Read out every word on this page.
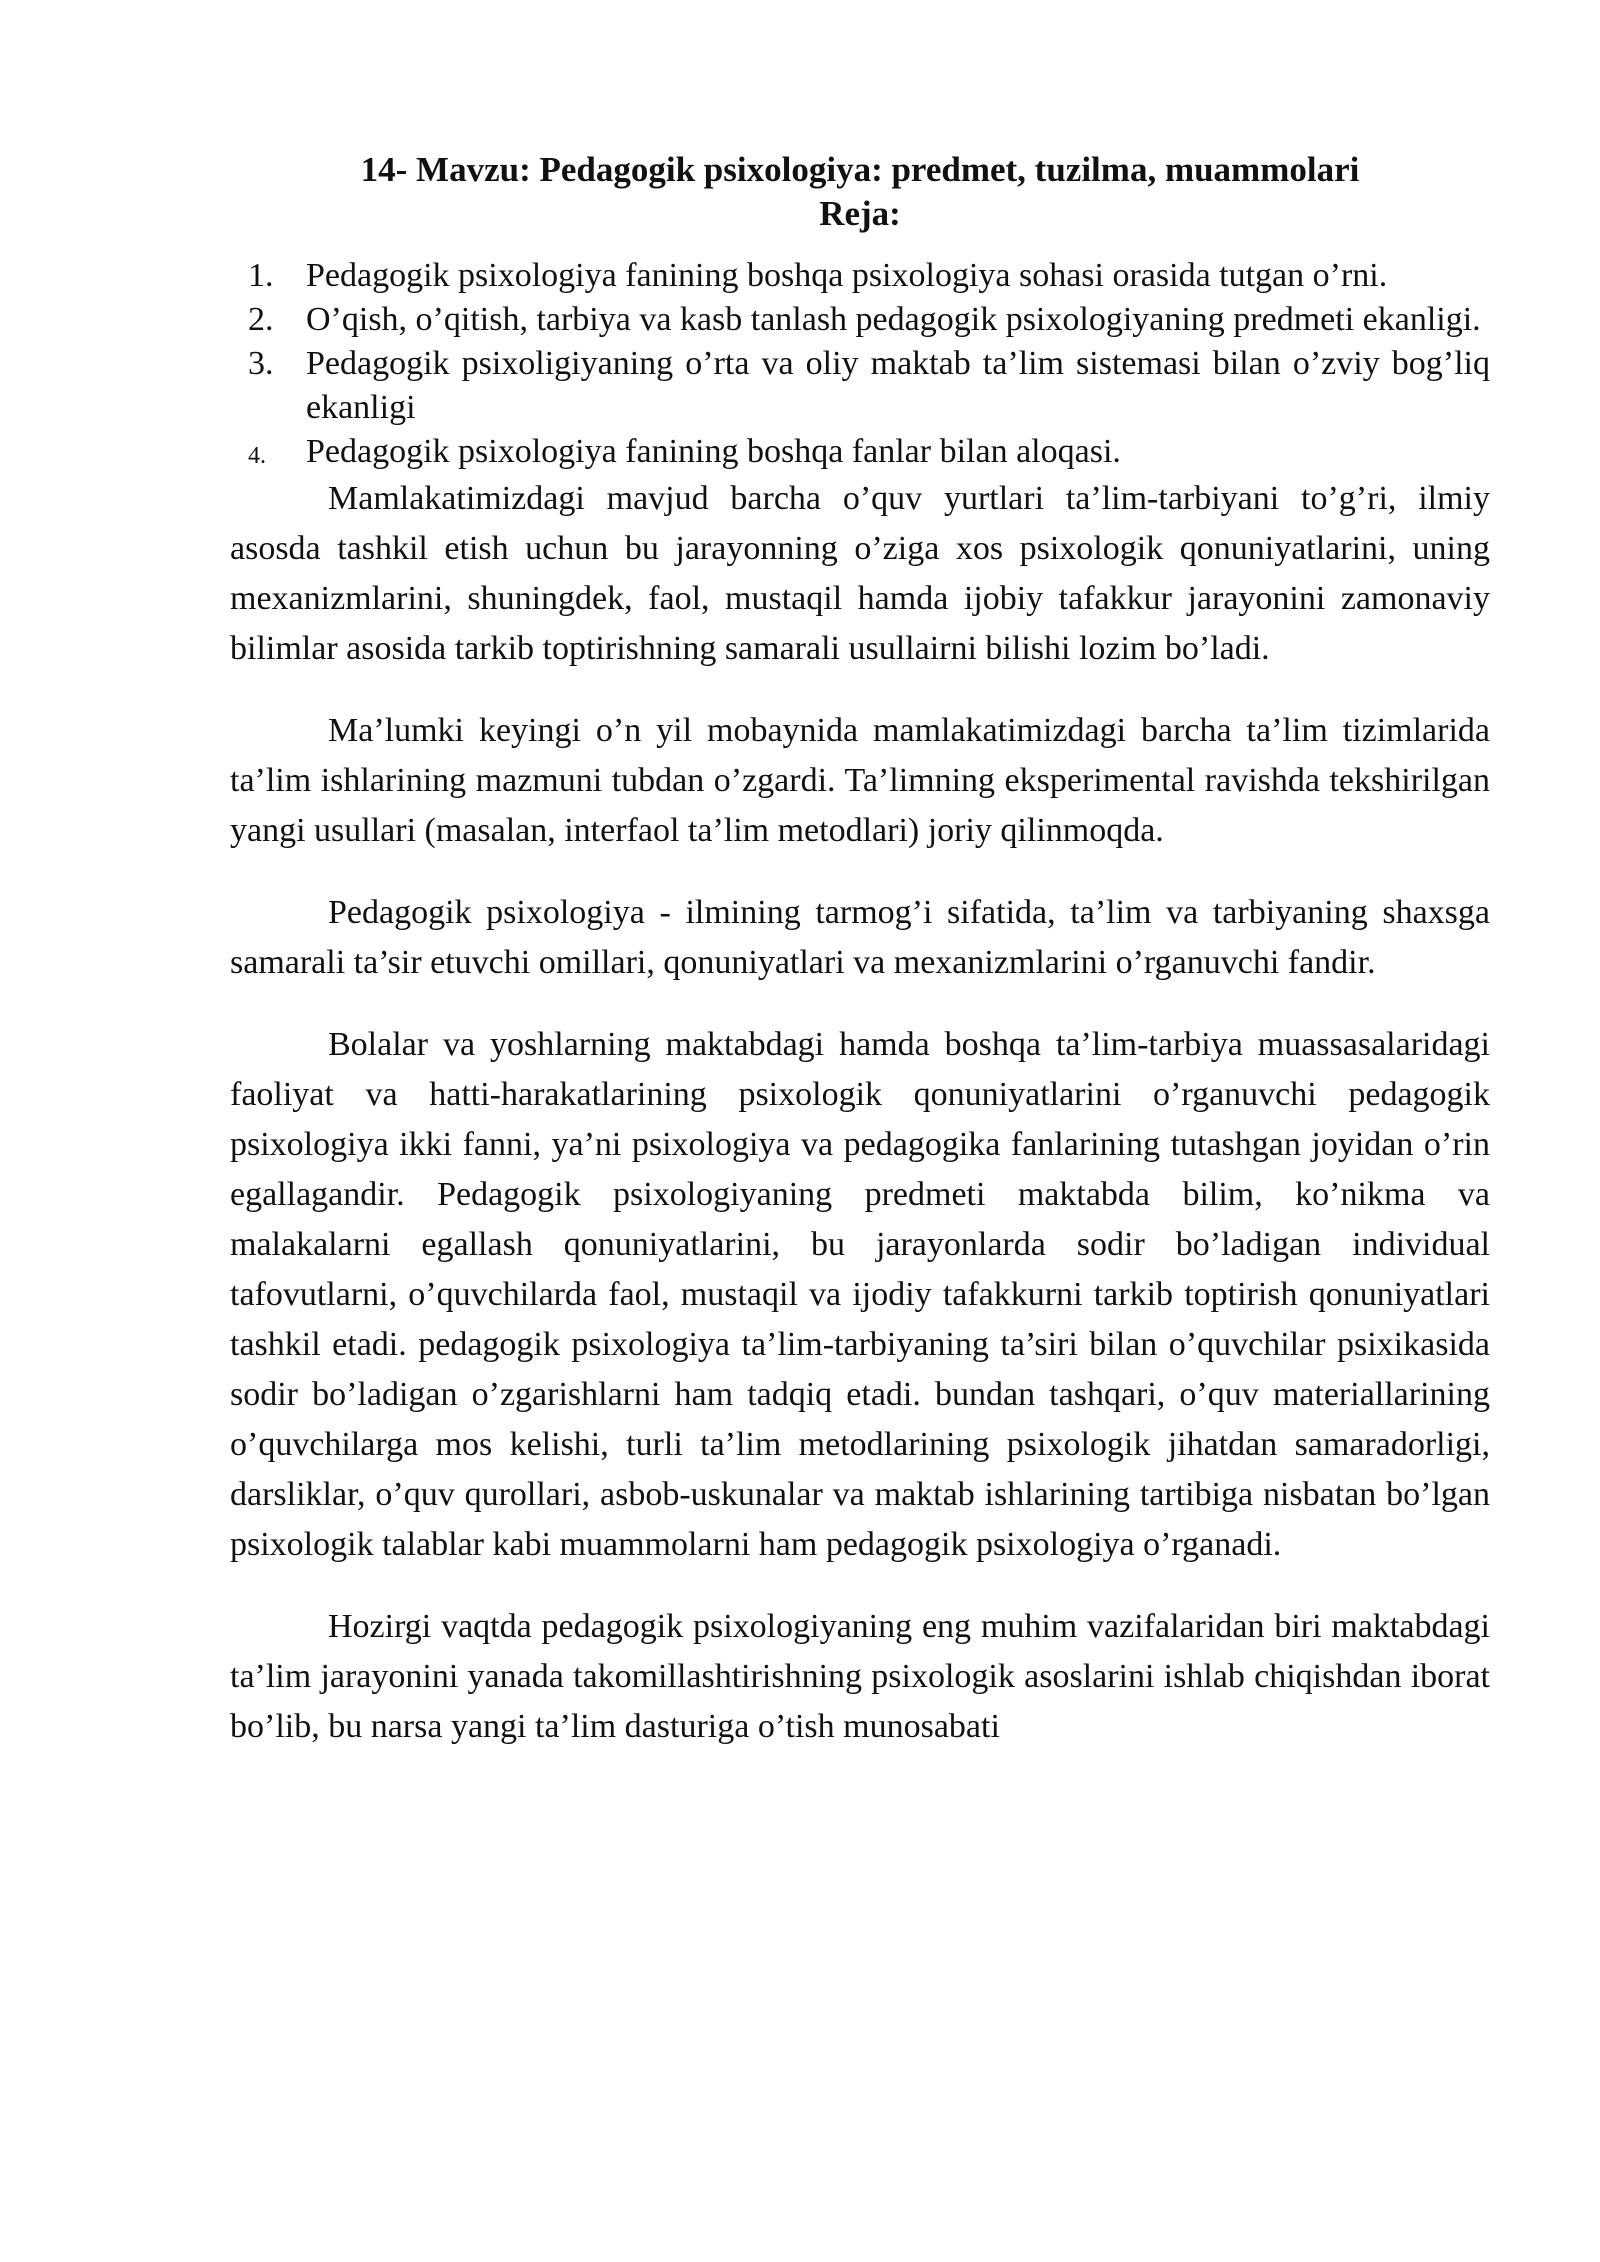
14- Mavzu: Pedagogik psixologiya: predmet, tuzilma, muammolari
Reja:
1. Pedagogik psixologiya fanining boshqa psixologiya sohasi orasida tutgan o’rni.
2. O’qish, o’qitish, tarbiya va kasb tanlash pedagogik psixologiyaning predmeti ekanligi.
3. Pedagogik psixoligiyaning o’rta va oliy maktab ta’lim sistemasi bilan o’zviy bog’liq ekanligi
4.	Pedagogik psixologiya fanining boshqa fanlar bilan aloqasi.

Mamlakatimizdagi mavjud barcha o’quv yurtlari ta’lim-tarbiyani to’g’ri, ilmiy asosda tashkil etish uchun bu jarayonning o’ziga xos psixologik qonuniyatlarini, uning mexanizmlarini, shuningdek, faol, mustaqil hamda ijobiy tafakkur jarayonini zamonaviy bilimlar asosida tarkib toptirishning samarali usullairni bilishi lozim bo’ladi.

Ma’lumki keyingi o’n yil mobaynida mamlakatimizdagi barcha ta’lim tizimlarida ta’lim ishlarining mazmuni tubdan o’zgardi. Ta’limning eksperimental ravishda tekshirilgan yangi usullari (masalan, interfaol ta’lim metodlari) joriy qilinmoqda.

Pedagogik psixologiya - ilmining tarmog’i sifatida, ta’lim va tarbiyaning shaxsga samarali ta’sir etuvchi omillari, qonuniyatlari va mexanizmlarini o’rganuvchi fandir.

Bolalar va yoshlarning maktabdagi hamda boshqa ta’lim-tarbiya muassasalaridagi faoliyat va hatti-harakatlarining psixologik qonuniyatlarini o’rganuvchi pedagogik psixologiya ikki fanni, ya’ni psixologiya va pedagogika fanlarining tutashgan joyidan o’rin egallagandir. Pedagogik psixologiyaning predmeti maktabda bilim, ko’nikma va malakalarni egallash qonuniyatlarini, bu jarayonlarda sodir bo’ladigan individual tafovutlarni, o’quvchilarda faol, mustaqil va ijodiy tafakkurni tarkib toptirish qonuniyatlari tashkil etadi. pedagogik psixologiya ta’lim-tarbiyaning ta’siri bilan o’quvchilar psixikasida sodir bo’ladigan o’zgarishlarni ham tadqiq etadi. bundan tashqari, o’quv materiallarining o’quvchilarga mos kelishi, turli ta’lim metodlarining psixologik jihatdan samaradorligi, darsliklar, o’quv qurollari, asbob-uskunalar va maktab ishlarining tartibiga nisbatan bo’lgan psixologik talablar kabi muammolarni ham pedagogik psixologiya o’rganadi.

Hozirgi vaqtda pedagogik psixologiyaning eng muhim vazifalaridan biri maktabdagi ta’lim jarayonini yanada takomillashtirishning psixologik asoslarini ishlab chiqishdan iborat bo’lib, bu narsa yangi ta’lim dasturiga o’tish munosabati
